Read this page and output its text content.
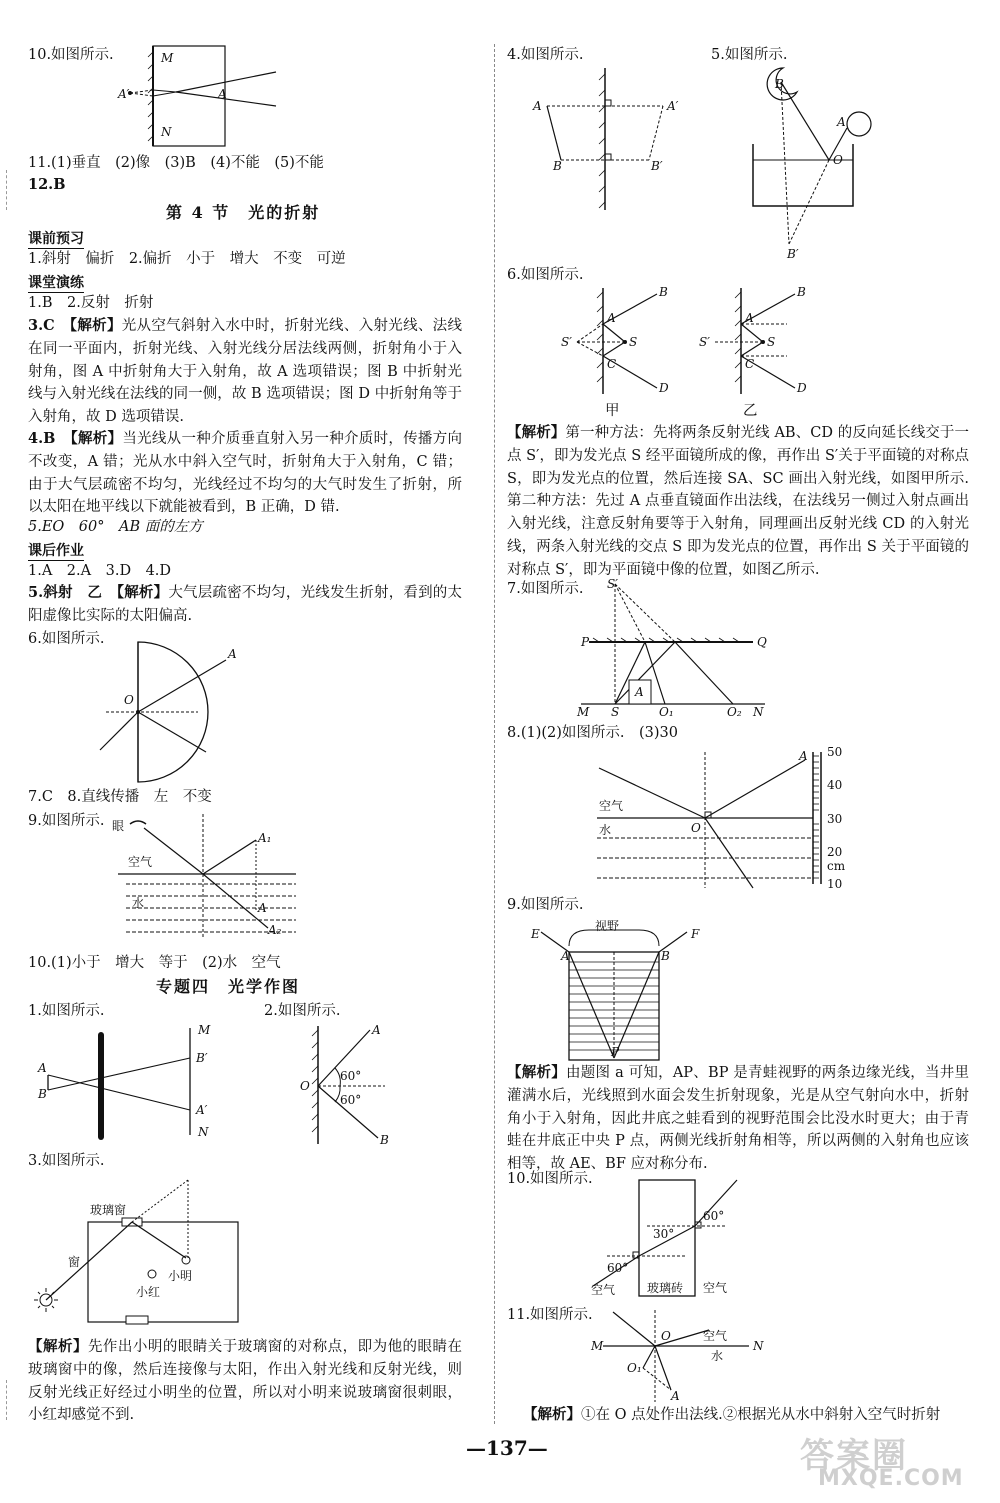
10.如图所示.	M
N
A′	A
11.(1)垂直　(2)像　(3)B　(4)不能　(5)不能
12.B
第 4 节　光的折射
课前预习
1.斜射　偏折　2.偏折　小于　增大　不变　可逆
课堂演练
1.B　2.反射　折射
3.C　【解析】光从空气斜射入水中时，折射光线、入射光线、法线在同一平面内，折射光线、入射光线分居法线两侧，折射角小于入射角，图 A 中折射角大于入射角，故 A 选项错误；图 B 中折射光线与入射光线在法线的同一侧，故 B 选项错误；图 D 中折射角等于入射角，故 D 选项错误.
4.B　【解析】当光线从一种介质垂直射入另一种介质时，传播方向不改变，A 错；光从水中斜入空气时，折射角大于入射角，C 错；由于大气层疏密不均匀，光线经过不均匀的大气时发生了折射，所以太阳在地平线以下就能被看到，B 正确，D 错.
5.EO　60°　AB 面的左方
课后作业
1.A　2.A　3.D　4.D
5.斜射　乙　【解析】大气层疏密不均匀，光线发生折射，看到的太阳虚像比实际的太阳偏高.
6.如图所示.
O
A
7.C　8.直线传播　左　不变
9.如图所示. 眼
空气
水
A₁
A
A₂
10.(1)小于　增大　等于　(2)水　空气
专题四　光学作图
1.如图所示.	2.如图所示.
M
B′
A′
N
A
B
O
A
B
60°
60°
3.如图所示.
玻璃窗
窗
小明
小红
【解析】先作出小明的眼睛关于玻璃窗的对称点，即为他的眼睛在玻璃窗中的像，然后连接像与太阳，作出入射光线和反射光线，则反射光线正好经过小明坐的位置，所以对小明来说玻璃窗很刺眼，小红却感觉不到.
4.如图所示.	5.如图所示.
A	A′
B	B′
B
A
O
B′
6.如图所示.
S′	S
A
C
B
D
甲
S′	S
A
C
B
D
乙
【解析】第一种方法：先将两条反射光线 AB、CD 的反向延长线交于一点 S′，即为发光点 S 经平面镜所成的像，再作出 S′关于平面镜的对称点 S，即为发光点的位置，然后连接 SA、SC 画出入射光线，如图甲所示.第二种方法：先过 A 点垂直镜面作出法线，在法线另一侧过入射点画出入射光线，注意反射角要等于入射角，同理画出反射光线 CD 的入射光线，两条入射光线的交点 S 即为发光点的位置，再作出 S 关于平面镜的对称点 S′，即为平面镜中像的位置，如图乙所示.
7.如图所示.
P	Q
S′
A
M S	O₁	O₂ N
8.(1)(2)如图所示.　(3)30
50
40
30
20
cm
10
A
O
空气
水
9.如图所示.
视野
E	F
A	B
P
【解析】由题图 a 可知，AP、BP 是青蛙视野的两条边缘光线，当井里灌满水后，光线照到水面会发生折射现象，光是从空气射向水中，折射角小于入射角，因此井底之蛙看到的视野范围会比没水时更大；由于青蛙在井底正中央 P 点，两侧光线折射角相等，所以两侧的入射角也应该相等，故 AE、BF 应对称分布.
10.如图所示.
60°
30°
60°
空气	玻璃砖 空气
11.如图所示.
M	N
O
O₁
A
空气
水
【解析】①在 O 点处作出法线.②根据光从水中斜射入空气时折射
—137—	答案圈
MXQE.COM
